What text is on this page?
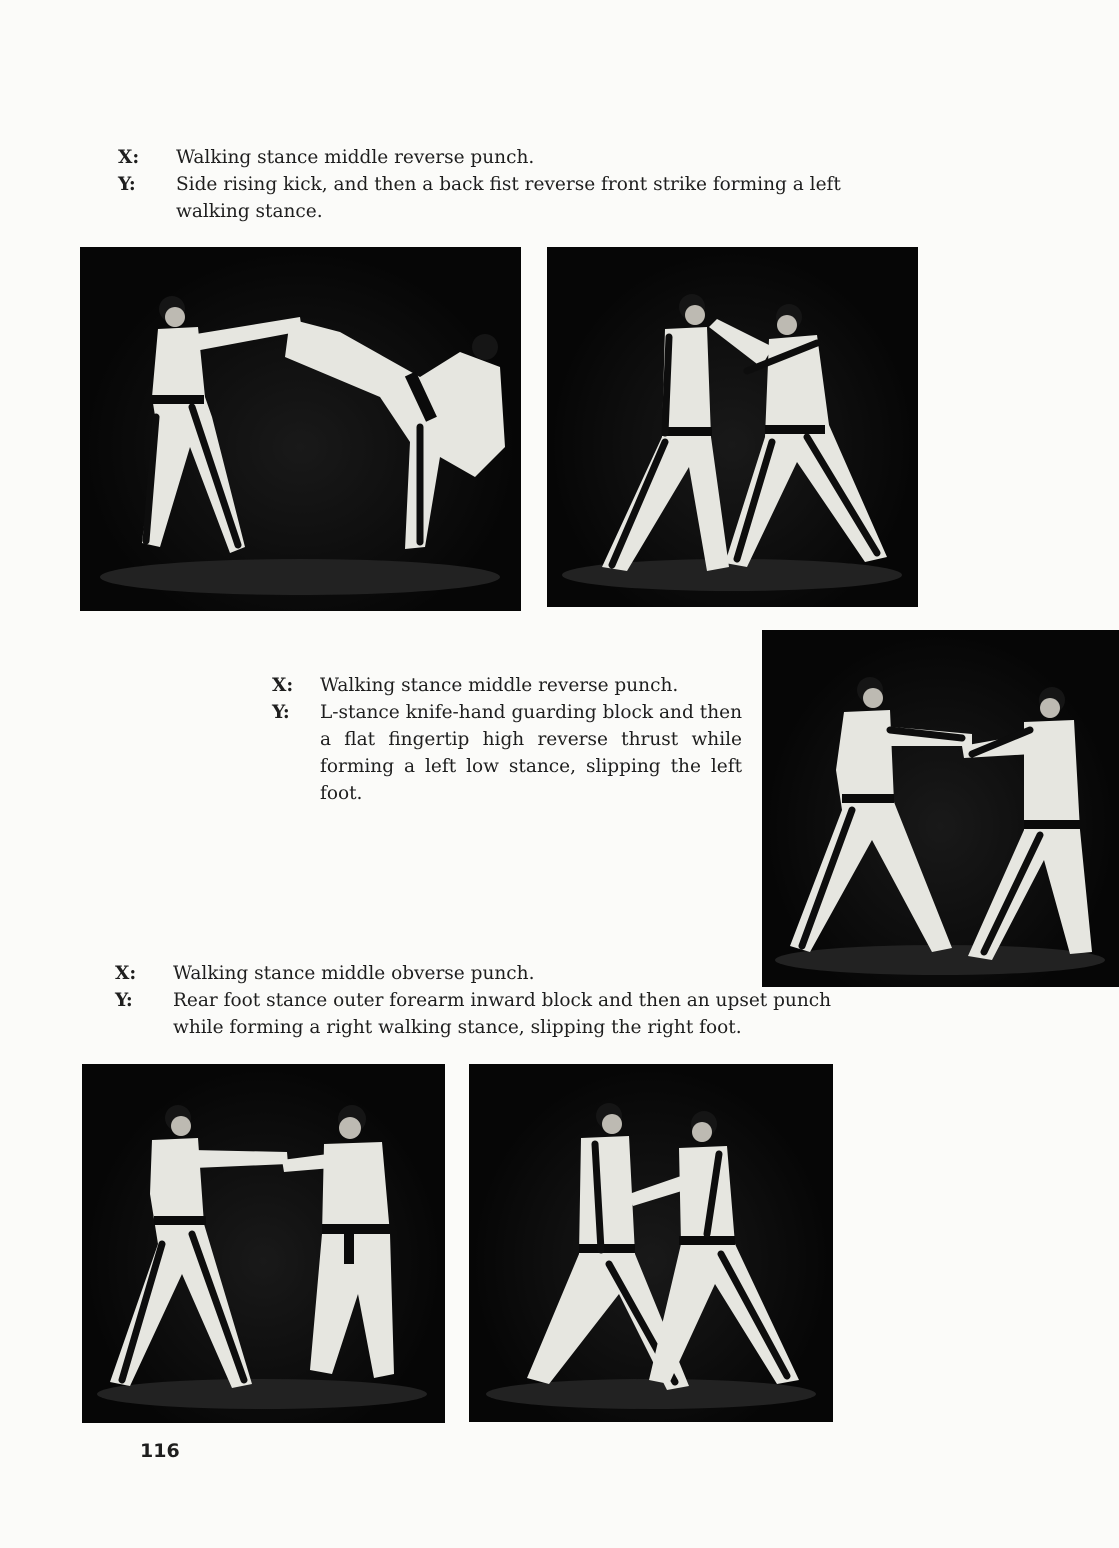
X:	Walking stance middle reverse punch.
Y:	Side rising kick, and then a back fist reverse front strike forming a left walking stance.
X:	Walking stance middle reverse punch.
Y:	L-stance knife-hand guarding block and then a flat fingertip high reverse thrust while forming a left low stance, slipping the left foot.
X:	Walking stance middle obverse punch.
Y:	Rear foot stance outer forearm inward block and then an upset punch while forming a right walking stance, slipping the right foot.
116
